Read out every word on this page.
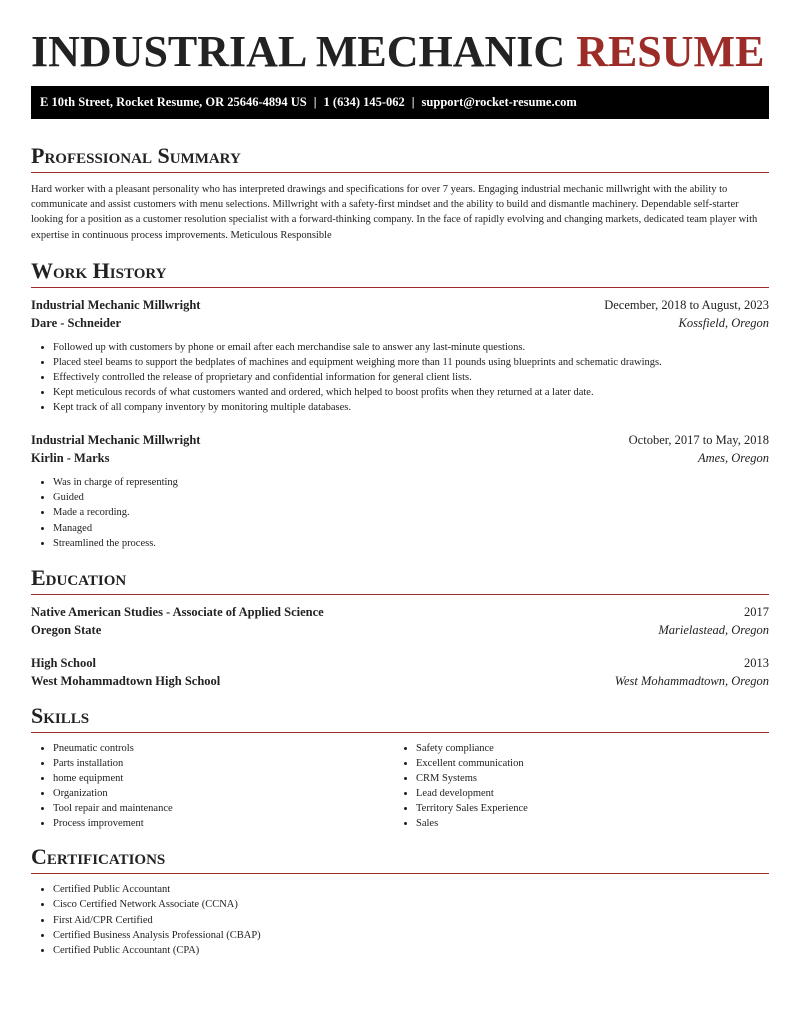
INDUSTRIAL MECHANIC RESUME
E 10th Street, Rocket Resume, OR 25646-4894 US | 1 (634) 145-062 | support@rocket-resume.com
Professional Summary
Hard worker with a pleasant personality who has interpreted drawings and specifications for over 7 years. Engaging industrial mechanic millwright with the ability to communicate and assist customers with menu selections. Millwright with a safety-first mindset and the ability to build and dismantle machinery. Dependable self-starter looking for a position as a customer resolution specialist with a forward-thinking company. In the face of rapidly evolving and changing markets, dedicated team player with expertise in continuous process improvements. Meticulous Responsible
Work History
Industrial Mechanic Millwright	December, 2018 to August, 2023
Dare - Schneider	Kossfield, Oregon
• Followed up with customers by phone or email after each merchandise sale to answer any last-minute questions.
• Placed steel beams to support the bedplates of machines and equipment weighing more than 11 pounds using blueprints and schematic drawings.
• Effectively controlled the release of proprietary and confidential information for general client lists.
• Kept meticulous records of what customers wanted and ordered, which helped to boost profits when they returned at a later date.
• Kept track of all company inventory by monitoring multiple databases.
Industrial Mechanic Millwright	October, 2017 to May, 2018
Kirlin - Marks	Ames, Oregon
• Was in charge of representing
• Guided
• Made a recording.
• Managed
• Streamlined the process.
Education
Native American Studies - Associate of Applied Science	2017
Oregon State	Marielastead, Oregon
High School	2013
West Mohammadtown High School	West Mohammadtown, Oregon
Skills
• Pneumatic controls
• Parts installation
• home equipment
• Organization
• Tool repair and maintenance
• Process improvement
• Safety compliance
• Excellent communication
• CRM Systems
• Lead development
• Territory Sales Experience
• Sales
Certifications
• Certified Public Accountant
• Cisco Certified Network Associate (CCNA)
• First Aid/CPR Certified
• Certified Business Analysis Professional (CBAP)
• Certified Public Accountant (CPA)
